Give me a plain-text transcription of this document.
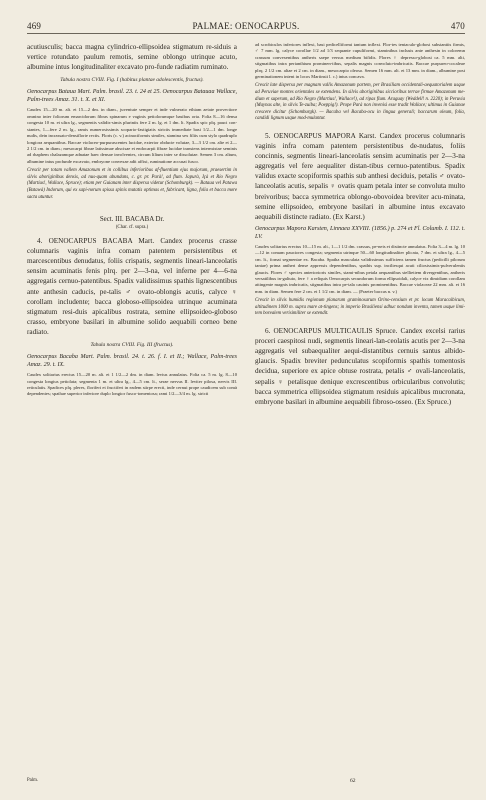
469	PALMAE: OENOCARPUS.	470

acutiusculis; bacca magna cylindrico-ellipsoidea stigmatum re-siduis a vertice rotundato paulum remotis, semine oblongo utrinque acuto, albumine intus longitudinaliter excavato pro-funde radiatim ruminato.

Tabula nostra CVIII. Fig. I (habitus plantae adolescentis, fructus).

Oenocarpus Bataua Mart. Palm. brasil. 23. t. 24 et 25. Oenocarpus Batauaa Wallace, Palm-trees Amaz. 31. t. X. et XI.

Caudex 15—20 m. alt. et 15—2 dm. in diam., juventute semper et inde vulnerato ethiam aetate provectiore omnino inter foliorum emarcidorum fibras spinarum e vaginis petiolorumque basibus orta. Folia 8—16 densa congesta 10 m. et ultra lg., segmentis validis-simis pluriniis fere 2 m. lg. et 1 dm. lt. Spadix spic plq. pauci con-stantes, 1—fere 2 m. lg., ramis numerosissimis scopario-fastigiatis strictis immediate basi 1/2—1 dm. longe nudis, dein incrassato-densiflorie rectis. Floris (c. v.) acinaciformis similes, stamina sex filiis cum stylo quadruplo longiora aequantibus. Baccae violaceo-purpurascentes lucidae, exterior obducte volutae, 3—3 1/2 cm. alte et 2—2 1/2 cm. in diam.; mesocarpi fibrae latissimae abscisae et endocarpii fibrae lucidae transiens intermixtae seminis ad rhaphem chalazamque adnatae haec densae involventes, circum lilium inter se dissolutae. Semen 3 cm. altum, albumine intus profunde excavato, embryone convexae adit affixi, ruminatione accusat fusco.

Crescit per totam vallem Amazonum et in collibus inferioribus af-fluentium ejus majorum, praesertim in silvis aboriginibus densis, ad nus-quam abundans, c. gr. pr. Parà!, ad flum. Japurà, Içà et Rio Negro (Martius!, Wallace, Spruce); etiam per Guianam inter dispersa videtur (Schomburgk). — Bataua vel Patawa (Batawà) Indorum, qui ex sapi-norum spissa spinis mutatis optimas et, fabricant, ligna, folia et bacca more sacta utuntur.

Sect. III. BACABA Dr.
(Char. cf. supra.)

4. OENOCARPUS BACABA Mart. Candex procerus crasse columnaris vaginis infra comam patentem persistentibus et marcescentibus denudatus, foliis crispatis, segmentis lineari-lanceolatis sensim acuminatis fenis plrq. per 2—3-na, vel inferne per 4—6-na aggregatis cernuo-patentibus. Spadix validissimus spathis lignescentibus ante anthesin caducis, pe-talis ♂ ovato-oblongis acutis, calyce ♀ corollam includente; bacca globoso-ellipsoidea utrinque acuminata stigmatum resi-duis apicalibus rostrata, semine ellipsoideo-globoso crasso, embryone basilari in albumine solido aequabili corneo bene radiato.

Tabula nostra CVIII. Fig. III (fructus).

Oenocarpus Bacaba Mart. Palm. brasil. 24. t. 26. f. I. et II.; Wallace, Palm-trees Amaz. 29. t. IX.

Caudex solitarius erectus 15—20 m. alt. et 1 1/2—2 dm. in diam. levius annulatus. Folia ca. 5 m. lg. 8—10 congesta longius petiolata; segmenta 1 m. et ultra lg., 4—5 cm. lt., serae nervus II. leviter pilosa, nervis III. reticulatis. Spadices plq. pleres, floriferi et fructiferi in eadem stirpe erecti, inde cernui prope caudicem sub comà dependentes; spathae superior inferiore duplo longior fusco-tomentosa; rami 1/2—3/4 m. lg. stricti

ad scrobiculos inferiores inflexi, basi pedicelliformi tantum inflexi. Flor-tes tentaculo-globosi substantiis firmis, ♂ 7 mm. lg. calyce corollae 1/2 ad 1/3 sequante cupuliformi, staminibus inclusis ante anthesin in coloremn crassum convexentibus antheris saepe versus medium bifidis. Flores ♀ depresso-globosi ca. 5 mm. alti, stigmatibus intra perianthium prominen-tibus, sepalis magnis convoluto-imbricatis. Baccae purpureo-cocaleae plrq. 2 1/2 cm. altae et 2 cm. in diam., mesocarpio oleoso. Semen 16 mm. alt. et 13 mm. in diam., albumine post germinationem intent in locos Martinsii l. c.) intus concava.

Crescit late dispersa per magnam vallis Amazonum partem, per Brasiliam occidentali-aequatorialem usque ad Peruviae montes orientales se extendens. In silvis aboriginibus siccioribus terrae firmae Amazonum me-dium et superum, ad Rio Negro (Martius!, Wallace!), ad ripas flum. Araguay (Weddell! n. 2220); in Peruvia (Maynas alte, in silvis Te-zuiba; Poeppig!). Prope Parà non invenisi esse tradit Wallace; ultimus in Guianae crescere dicitur (Schomburgk). — Bacaba vel Bacaba-ocu in lingua generali; baccarum oleum, folia, candidi lignum usque mod-mulantur.

5. OENOCARPUS MAPORA Karst. Candex procerus columnaris vaginis infra comam patentem persistentibus de-nudatus, foliis concinnis, segmentis lineari-lanceolatis sensim acuminatis per 2—3-na aggregatis vel fere aequaliter distan-tibus cernuo-patentibus. Spadix validus exacte scopiformis spathis sub anthesi deciduis, petalis ♂ ovato-lanceolatis acutis, sepalis ♀ ovatis quam petala inter se convoluta multo breivoribus; bacca symmetrica oblongo-obovoidea breviter acu-minata, semine ellipsoideo, embryone basilari in albumine intus excavato aequabili distincte radiato. (Ex Karst.)

Oenocarpus Mapora Karsten, Linnaea XXVIII. (1856.) p. 274 et Fl. Columb. I. 112. t. LV.

Caudex solitarius erectus 10—15 m. alt., 1—1 1/2 dm. crassus, pe-neis et distincte annulatus. Folia 3—4 m. lg. 10—12 in comam pauciores congesta; segmenta utrinque 50—60 longitudinaliter plicata, 7 dm. et ultra lg., 4—5 cm. lt., fornai segmentae ex. Bacaba. Spatha masculata validissimus sufficiens tamen fructus (pedicilli pilorum tantae) prima antheri dense appressis dependentibus, spathis sup. inciliesqui acuti ciliosissimis-pulverulentis glaucis. Flores ♂ species anteriorioris similes, stami-nibus petala aequantibus stellietiem divergentibus, antheris versatilibus in-galtuto, fere ♀ a reliquis Oenocarpis secundorum forma ellipsoidali, calyce vix dimidiam corollam attingente magnis imbricatis, stigmatibus intra pe-tala cauinis prominentibus. Baccae violaceae 22 mm. alt. et 16 mm. in diam. Semen fere 2 cm. et 1 1/2 cm. in diam. — (Praeter baccas n. v.)

Crescit in silvis humidis regionum planarum graminosarum Orino-censium et pr. locum Maracaibicum, altitudinem 1000 m. supra mare at-tingens; in imperio Brasiliensi adhuc nondum inventa, tamen usque limi-tem borealem verisimiliter se extendit.

6. OENOCARPUS MULTICAULIS Spruce. Candex excelsi rarius proceri caespitosi nudi, segmentis lineari-lan-ceolatis acutis per 2—3-na aggregatis vel subaequaliter aequi-distantibus cernuis santus albido-glaucis. Spadix breviter pedunculatus scopiformis spathis tomentosis decidua, superiore ex apice obtuse rostrata, petalis ♂ ovali-lanceolatis, sepalis ♀ petalisque denique excrescentibus orbicularibus convolutis; bacca symmetrica ellipsoidea stigmatum residuis apicalibus mucronata, embryone basilari in albumine aequabili fibroso-osseo. (Ex Spruce.)

Palm.	62
